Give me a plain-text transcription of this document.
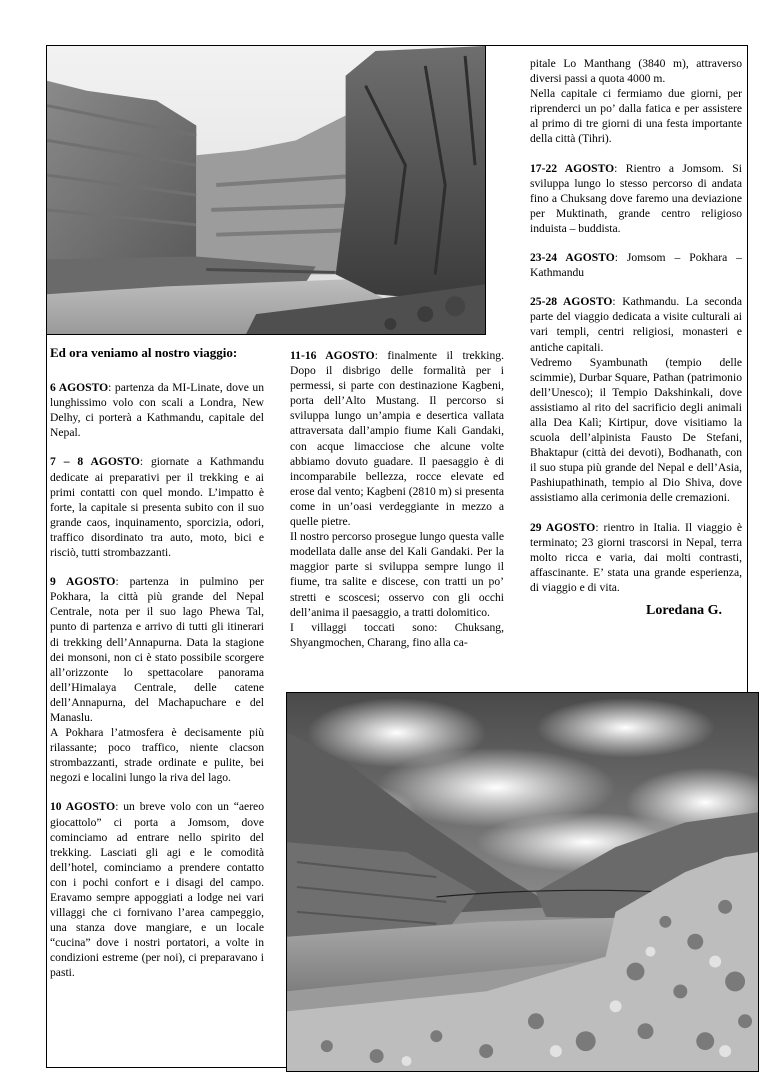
pitale Lo Manthang (3840 m), attraverso diversi passi a quota 4000 m.

Nella capitale ci fermiamo due giorni, per riprenderci un po’ dalla fatica e per assistere al primo di tre giorni di una festa importante della città (Tihri).

17-22 AGOSTO: Rientro a Jomsom. Si sviluppa lungo lo stesso percorso di andata fino a Chuksang dove faremo una deviazione per Muktinath, grande centro religioso induista – buddista.

23-24 AGOSTO: Jomsom – Pokhara – Kathmandu

25-28 AGOSTO: Kathmandu. La seconda parte del viaggio dedicata a visite culturali ai vari templi, centri religiosi, monasteri e antiche capitali.

Vedremo Syambunath (tempio delle scimmie), Durbar Square, Pathan (patrimonio dell’Unesco); il Tempio Dakshinkali, dove assistiamo al rito del sacrificio degli animali alla Dea Kalì; Kirtipur, dove visitiamo la scuola dell’alpinista Fausto De Stefani, Bhaktapur (città dei devoti), Bodhanath, con il suo stupa più grande del Nepal e dell’Asia, Pashiupathinath, tempio al Dio Shiva, dove assistiamo alla cerimonia delle cremazioni.

29 AGOSTO: rientro in Italia. Il viaggio è terminato; 23 giorni trascorsi in Nepal, terra molto ricca e varia, dai molti contrasti, affascinante. E’ stata una grande esperienza, di viaggio e di vita.

Loredana G.
Ed ora veniamo al nostro viaggio:

6 AGOSTO: partenza da MI-Linate, dove un lunghissimo volo con scali a Londra, New Delhy, ci porterà a Kathmandu, capitale del Nepal.

7 – 8 AGOSTO: giornate a Kathmandu dedicate ai preparativi per il trekking e ai primi contatti con quel mondo. L’impatto è forte, la capitale si presenta subito con il suo grande caos, inquinamento, sporcizia, odori, traffico disordinato tra auto, moto, bici e risciò, tutti strombazzanti.

9 AGOSTO: partenza in pulmino per Pokhara, la città più grande del Nepal Centrale, nota per il suo lago Phewa Tal, punto di partenza e arrivo di tutti gli itinerari di trekking dell’Annapurna. Data la stagione dei monsoni, non ci è stato possibile scorgere all’orizzonte lo spettacolare panorama dell’Himalaya Centrale, delle catene dell’Annapurna, del Machapuchare e del Manaslu.

A Pokhara l’atmosfera è decisamente più rilassante; poco traffico, niente clacson strombazzanti, strade ordinate e pulite, bei negozi e localini lungo la riva del lago.

10 AGOSTO: un breve volo con un “aereo giocattolo” ci porta a Jomsom, dove cominciamo ad entrare nello spirito del trekking. Lasciati gli agi e le comodità dell’hotel, cominciamo a prendere contatto con i pochi confort e i disagi del campo. Eravamo sempre appoggiati a lodge nei vari villaggi che ci fornivano l’area campeggio, una stanza dove mangiare, e un locale “cucina” dove i nostri portatori, a volte in condizioni estreme (per noi), ci preparavano i pasti.

11-16 AGOSTO: finalmente il trekking. Dopo il disbrigo delle formalità per i permessi, si parte con destinazione Kagbeni, porta dell’Alto Mustang. Il percorso si sviluppa lungo un’ampia e desertica vallata attraversata dall’ampio fiume Kali Gandaki, con acque limacciose che alcune volte abbiamo dovuto guadare. Il paesaggio è di incomparabile bellezza, rocce elevate ed erose dal vento; Kagbeni (2810 m) si presenta come in un’oasi verdeggiante in mezzo a quelle pietre.

Il nostro percorso prosegue lungo questa valle modellata dalle anse del Kali Gandaki. Per la maggior parte si sviluppa sempre lungo il fiume, tra salite e discese, con tratti un po’ stretti e scoscesi; osservo con gli occhi dell’anima il paesaggio, a tratti dolomitico.

I villaggi toccati sono: Chuksang, Shyangmochen, Charang, fino alla ca-
